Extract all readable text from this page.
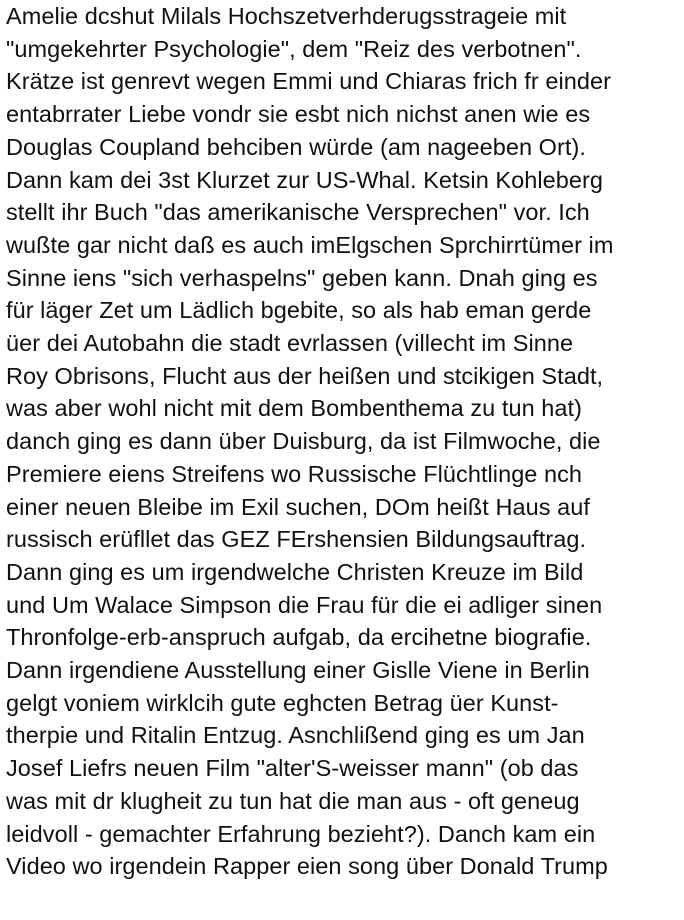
Amelie dcshut Milals Hochszetverhderugsstrageie mit
"umgekehrter Psychologie", dem "Reiz des verbotnen".
Krätze ist genrevt wegen Emmi und Chiaras frich fr einder
entabrrater Liebe vondr sie esbt nich nichst anen wie es
Douglas Coupland behciben würde (am nageeben Ort).
Dann kam dei 3st Klurzet zur US-Whal. Ketsin Kohleberg
stellt ihr Buch "das amerikanische Versprechen" vor. Ich
wußte gar nicht daß es auch imElgschen Sprchirrtümer im
Sinne iens "sich verhaspelns" geben kann. Dnah ging es
für läger Zet um Lädlich bgebite, so als hab eman gerde
üer dei Autobahn die stadt evrlassen (villecht im Sinne
Roy Obrisons, Flucht aus der heißen und stcikigen Stadt,
was aber wohl nicht mit dem Bombenthema zu tun hat)
danch ging es dann über Duisburg, da ist Filmwoche, die
Premiere eiens Streifens wo Russische Flüchtlinge nch
einer neuen Bleibe im Exil suchen, DOm heißt Haus auf
russisch erüfllet das GEZ FErshensien Bildungsauftrag.
Dann ging es um irgendwelche Christen Kreuze im Bild
und Um Walace Simpson die Frau für die ei adliger sinen
Thronfolge-erb-anspruch aufgab, da ercihetne biografie.
Dann irgendiene Ausstellung einer Gislle Viene in Berlin
gelgt voniem wirklcih gute eghcten Betrag üer Kunst-
therpie und Ritalin Entzug. Asnchlißend ging es um Jan
Josef Liefrs neuen Film "alter'S-weisser mann" (ob das
was mit dr klugheit zu tun hat die man aus - oft geneug
leidvoll - gemachter Erfahrung bezieht?). Danch kam ein
Video wo irgendein Rapper eien song über Donald Trump
